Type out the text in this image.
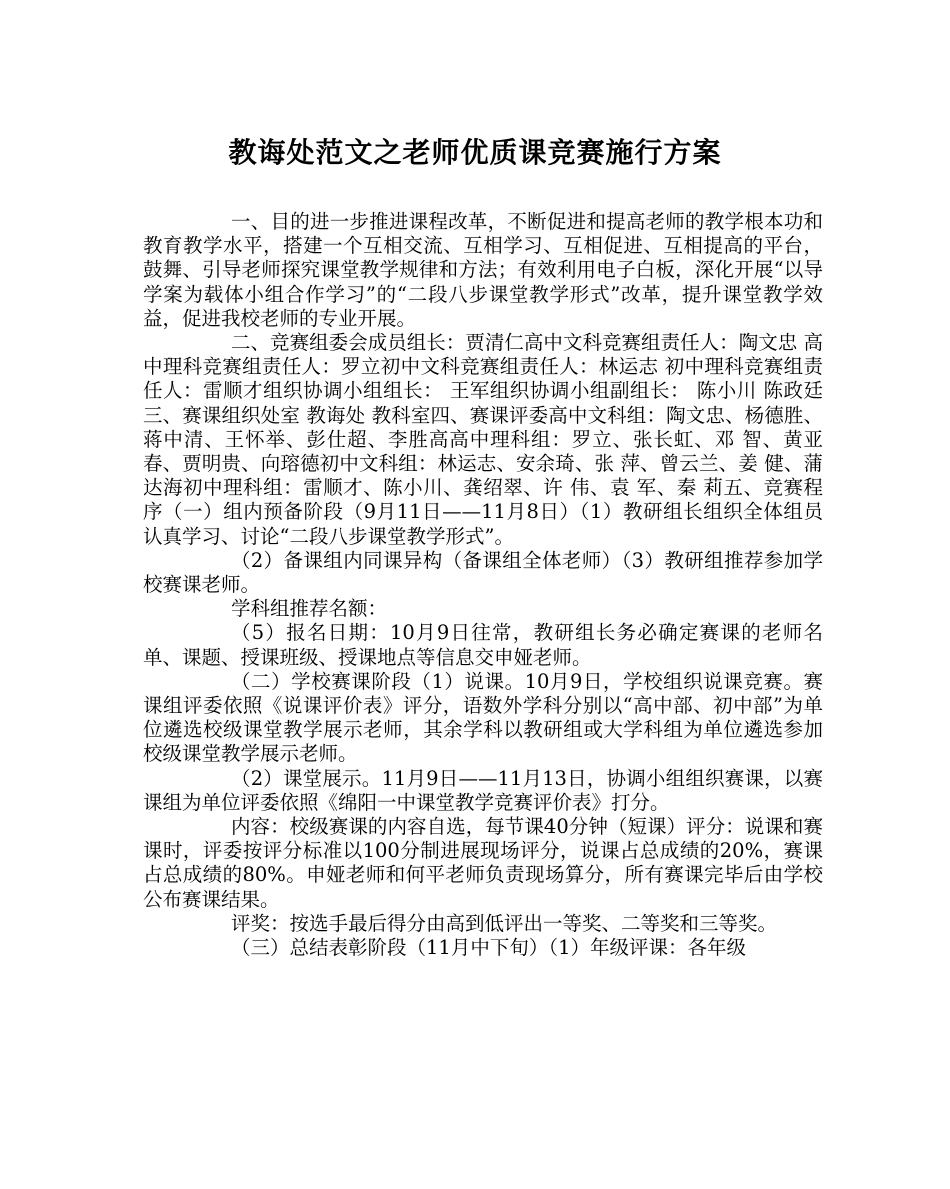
教诲处范文之老师优质课竞赛施行方案

一、目的进一步推进课程改革，不断促进和提高老师的教学根本功和教育教学水平，搭建一个互相交流、互相学习、互相促进、互相提高的平台，鼓舞、引导老师探究课堂教学规律和方法；有效利用电子白板，深化开展“以导学案为载体小组合作学习”的“二段八步课堂教学形式”改革，提升课堂教学效益，促进我校老师的专业开展。

二、竞赛组委会成员组长：贾清仁高中文科竞赛组责任人：陶文忠 高中理科竞赛组责任人：罗立初中文科竞赛组责任人：林运志 初中理科竞赛组责任人：雷顺才组织协调小组组长： 王军组织协调小组副组长： 陈小川 陈政廷三、赛课组织处室 教诲处 教科室四、赛课评委高中文科组：陶文忠、杨德胜、蒋中清、王怀举、彭仕超、李胜高高中理科组：罗立、张长虹、邓 智、黄亚春、贾明贵、向瑢德初中文科组：林运志、安余琦、张 萍、曾云兰、姜 健、蒲达海初中理科组：雷顺才、陈小川、龚绍翠、许 伟、袁 军、秦 莉五、竞赛程序（一）组内预备阶段（9月11日——11月8日）（1）教研组长组织全体组员认真学习、讨论“二段八步课堂教学形式”。

（2）备课组内同课异构（备课组全体老师）（3）教研组推荐参加学校赛课老师。

学科组推荐名额：

（5）报名日期：10月9日往常，教研组长务必确定赛课的老师名单、课题、授课班级、授课地点等信息交申娅老师。

（二）学校赛课阶段（1）说课。10月9日，学校组织说课竞赛。赛课组评委依照《说课评价表》评分，语数外学科分别以“高中部、初中部”为单位遴选校级课堂教学展示老师，其余学科以教研组或大学科组为单位遴选参加校级课堂教学展示老师。

（2）课堂展示。11月9日——11月13日，协调小组组织赛课，以赛课组为单位评委依照《绵阳一中课堂教学竞赛评价表》打分。

内容：校级赛课的内容自选，每节课40分钟（短课）评分：说课和赛课时，评委按评分标准以100分制进展现场评分，说课占总成绩的20%，赛课占总成绩的80%。申娅老师和何平老师负责现场算分，所有赛课完毕后由学校公布赛课结果。

评奖：按选手最后得分由高到低评出一等奖、二等奖和三等奖。

（三）总结表彰阶段（11月中下旬）（1）年级评课：各年级
